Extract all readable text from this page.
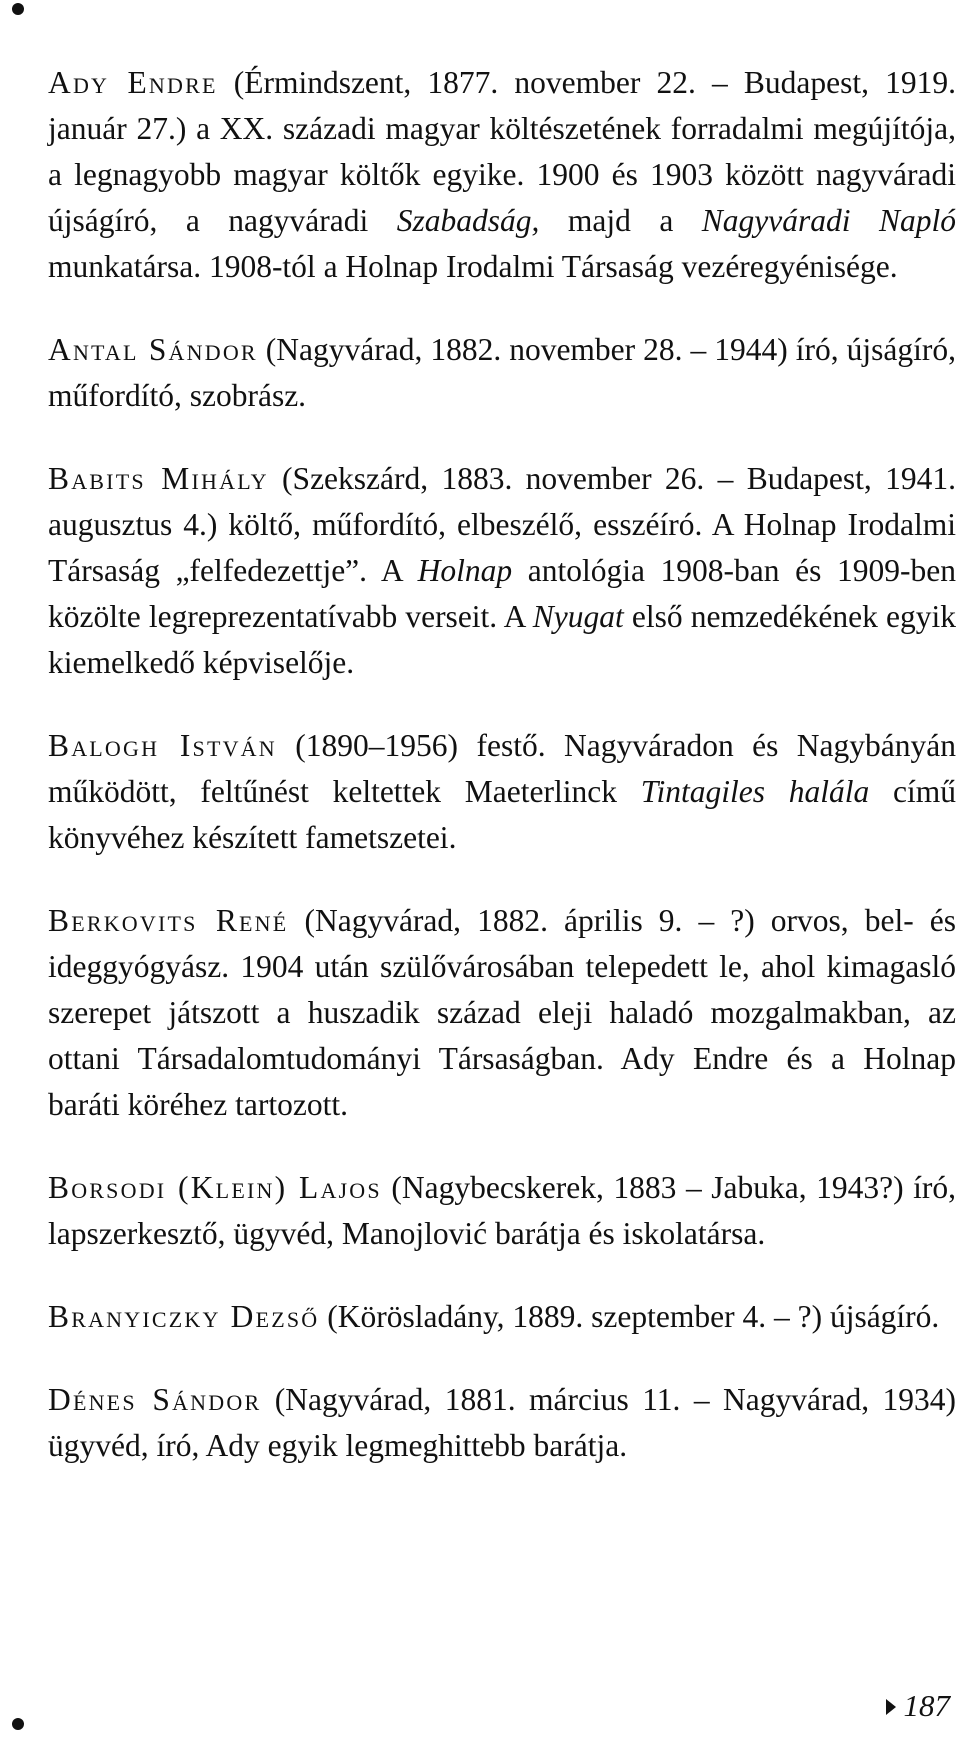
Ady Endre (Érmindszent, 1877. november 22. – Budapest, 1919. január 27.) a XX. századi magyar költészetének forradalmi megújítója, a legnagyobb magyar költők egyike. 1900 és 1903 között nagyváradi újságíró, a nagyváradi Szabadság, majd a Nagyváradi Napló munkatársa. 1908-tól a Holnap Irodalmi Társaság vezéregyénisége.

Antal Sándor (Nagyvárad, 1882. november 28. – 1944) író, újságíró, műfordító, szobrász.

Babits Mihály (Szekszárd, 1883. november 26. – Budapest, 1941. augusztus 4.) költő, műfordító, elbeszélő, esszéíró. A Holnap Irodalmi Társaság „felfedezettje”. A Holnap antológia 1908-ban és 1909-ben közölte legreprezentatívabb verseit. A Nyugat első nemzedékének egyik kiemelkedő képviselője.

Balogh István (1890–1956) festő. Nagyváradon és Nagybányán működött, feltűnést keltettek Maeterlinck Tintagiles halála című könyvéhez készített fametszetei.

Berkovits René (Nagyvárad, 1882. április 9. – ?) orvos, bel- és ideggyógyász. 1904 után szülővárosában telepedett le, ahol kimagasló szerepet játszott a huszadik század eleji haladó mozgalmakban, az ottani Társadalomtudományi Társaságban. Ady Endre és a Holnap baráti köréhez tartozott.

Borsodi (Klein) Lajos (Nagybecskerek, 1883 – Jabuka, 1943?) író, lapszerkesztő, ügyvéd, Manojlović barátja és iskolatársa.

Branyiczky Dezső (Körösladány, 1889. szeptember 4. – ?) újságíró.

Dénes Sándor (Nagyvárad, 1881. március 11. – Nagyvárad, 1934) ügyvéd, író, Ady egyik legmeghittebb barátja.

187
